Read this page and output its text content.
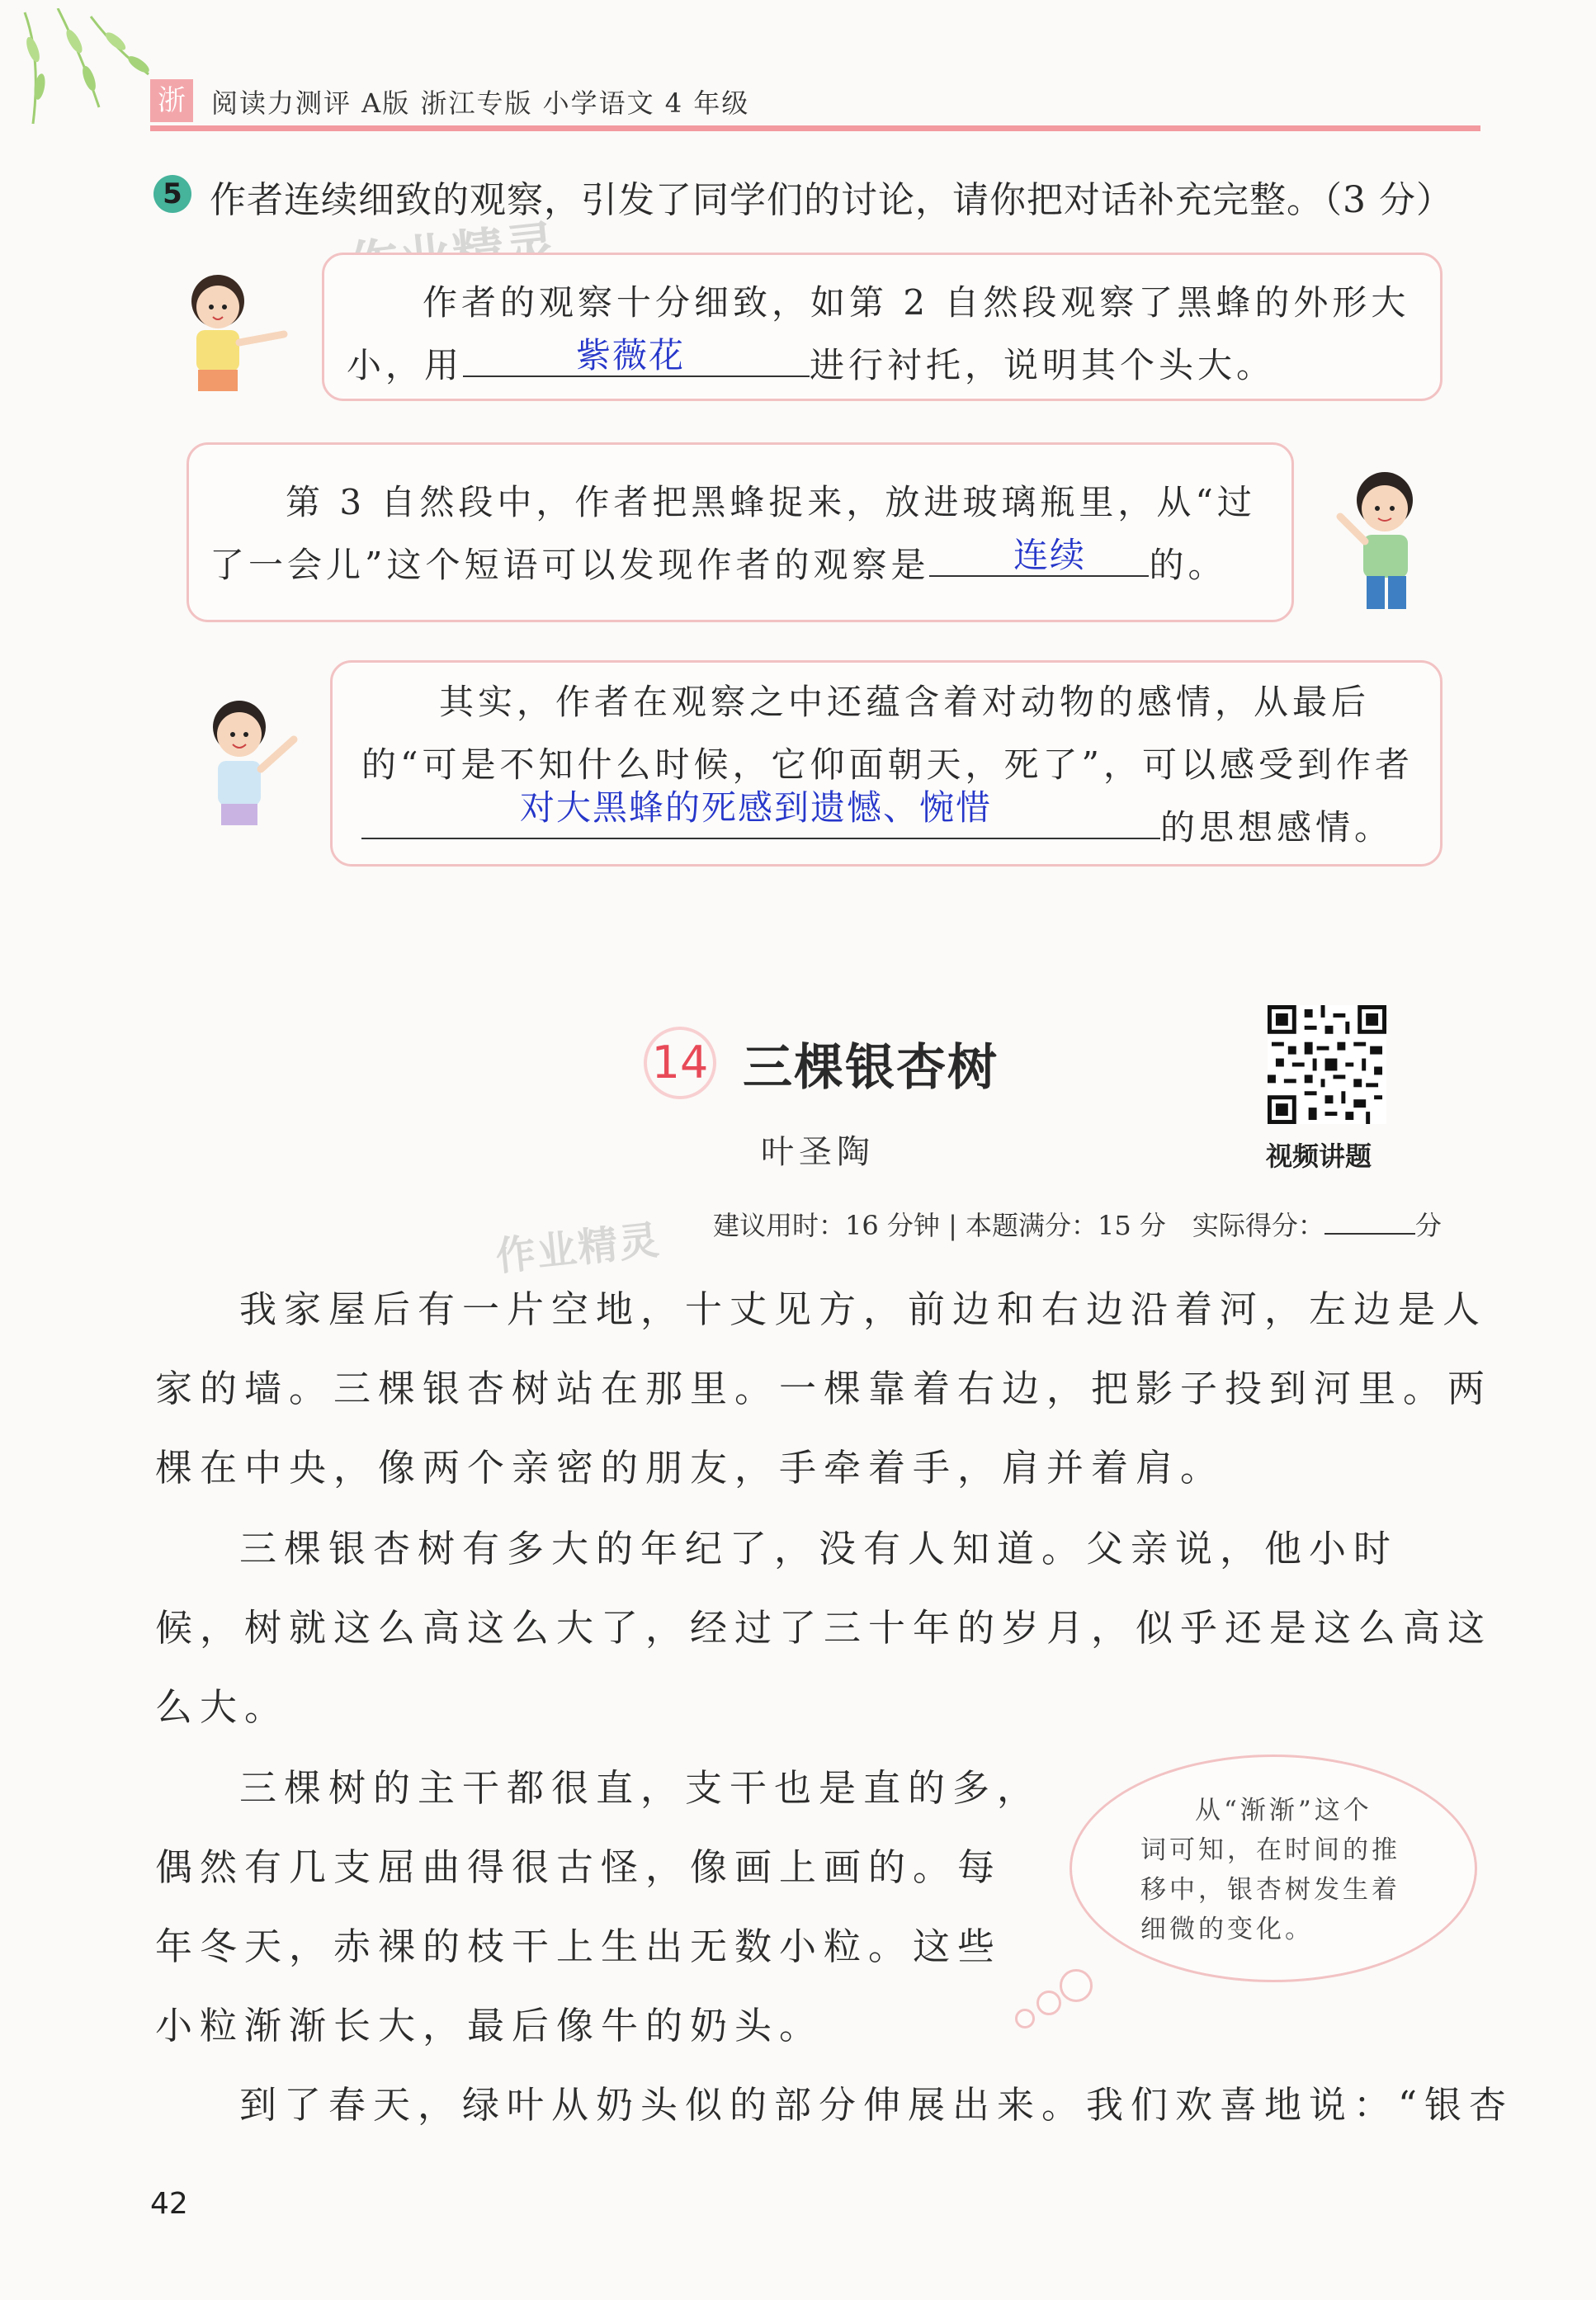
浙 阅读力测评 A版 浙江专版 小学语文 4 年级
5 作者连续细致的观察，引发了同学们的讨论，请你把对话补充完整。（3 分）
作者的观察十分细致，如第 2 自然段观察了黑蜂的外形大
小，用	进行衬托，说明其个头大。
紫薇花
第 3 自然段中，作者把黑蜂捉来，放进玻璃瓶里，从“过
了一会儿”这个短语可以发现作者的观察是	的。
连续
其实，作者在观察之中还蕴含着对动物的感情，从最后
的“可是不知什么时候，它仰面朝天，死了”，可以感受到作者
的思想感情。
对大黑蜂的死感到遗憾、惋惜
14 三棵银杏树
叶圣陶	视频讲题
作业精灵 建议用时：16 分钟 | 本题满分：15 分　实际得分：	分
我家屋后有一片空地，十丈见方，前边和右边沿着河，左边是人
家的墙。三棵银杏树站在那里。一棵靠着右边，把影子投到河里。两
棵在中央，像两个亲密的朋友，手牵着手，肩并着肩。
三棵银杏树有多大的年纪了，没有人知道。父亲说，他小时
候，树就这么高这么大了，经过了三十年的岁月，似乎还是这么高这
么大。
三棵树的主干都很直，支干也是直的多，
偶然有几支屈曲得很古怪，像画上画的。每
年冬天，赤裸的枝干上生出无数小粒。这些
小粒渐渐长大，最后像牛的奶头。
到了春天，绿叶从奶头似的部分伸展出来。我们欢喜地说：“银杏
从“渐渐”这个
词可知，在时间的推
移中，银杏树发生着
细微的变化。
42
